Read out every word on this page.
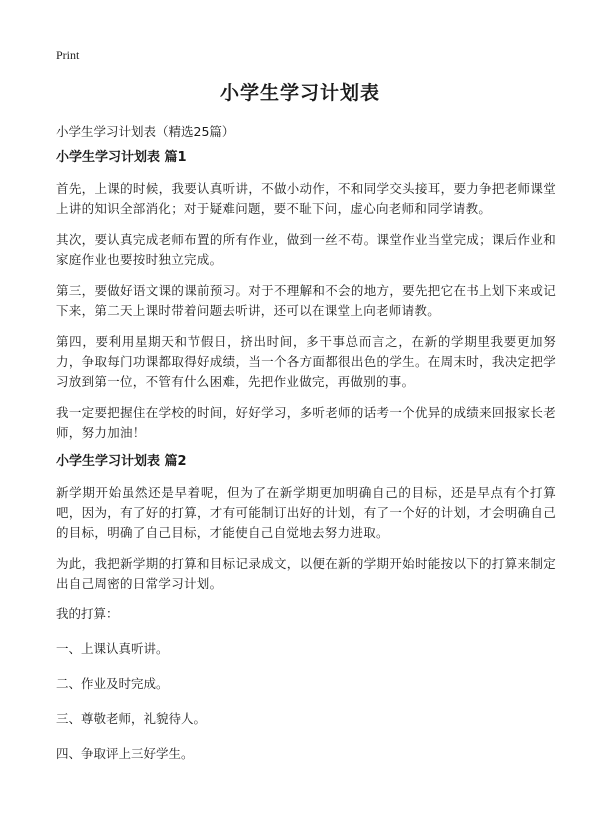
Print
小学生学习计划表
小学生学习计划表（精选25篇）
小学生学习计划表 篇1

首先，上课的时候，我要认真听讲，不做小动作，不和同学交头接耳，要力争把老师课堂上讲的知识全部消化；对于疑难问题，要不耻下问，虚心向老师和同学请教。

其次，要认真完成老师布置的所有作业，做到一丝不苟。课堂作业当堂完成；课后作业和家庭作业也要按时独立完成。

第三，要做好语文课的课前预习。对于不理解和不会的地方，要先把它在书上划下来或记下来，第二天上课时带着问题去听讲，还可以在课堂上向老师请教。

第四，要利用星期天和节假日，挤出时间，多干事总而言之，在新的学期里我要更加努力，争取每门功课都取得好成绩，当一个各方面都很出色的学生。在周末时，我决定把学习放到第一位，不管有什么困难，先把作业做完，再做别的事。

我一定要把握住在学校的时间，好好学习，多听老师的话考一个优异的成绩来回报家长老师，努力加油！

小学生学习计划表 篇2

新学期开始虽然还是早着呢，但为了在新学期更加明确自己的目标，还是早点有个打算吧，因为，有了好的打算，才有可能制订出好的计划，有了一个好的计划，才会明确自己的目标，明确了自己目标，才能使自己自觉地去努力进取。

为此，我把新学期的打算和目标记录成文，以便在新的学期开始时能按以下的打算来制定出自己周密的日常学习计划。

我的打算：

一、上课认真听讲。

二、作业及时完成。

三、尊敬老师，礼貌待人。

四、争取评上三好学生。
